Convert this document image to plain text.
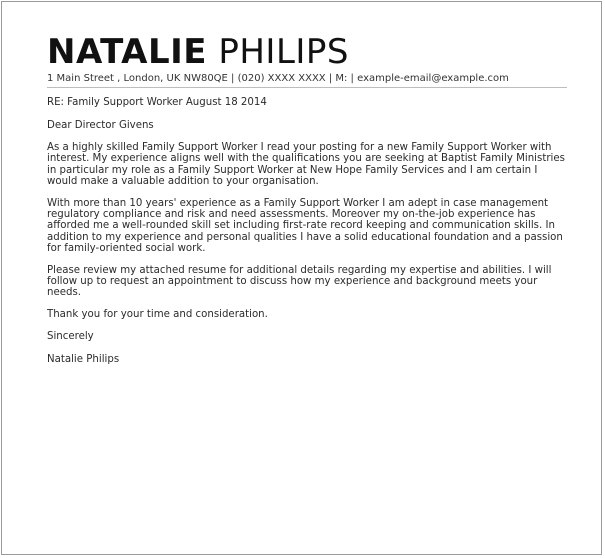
NATALIE PHILIPS
1 Main Street , London, UK NW80QE | (020) XXXX XXXX | M: | example-email@example.com
RE: Family Support Worker August 18 2014
Dear Director Givens

As a highly skilled Family Support Worker I read your posting for a new Family Support Worker with interest. My experience aligns well with the qualifications you are seeking at Baptist Family Ministries in particular my role as a Family Support Worker at New Hope Family Services and I am certain I would make a valuable addition to your organisation.

With more than 10 years' experience as a Family Support Worker I am adept in case management regulatory compliance and risk and need assessments. Moreover my on-the-job experience has afforded me a well-rounded skill set including first-rate record keeping and communication skills. In addition to my experience and personal qualities I have a solid educational foundation and a passion for family-oriented social work.

Please review my attached resume for additional details regarding my expertise and abilities. I will follow up to request an appointment to discuss how my experience and background meets your needs.

Thank you for your time and consideration.

Sincerely
Natalie Philips
